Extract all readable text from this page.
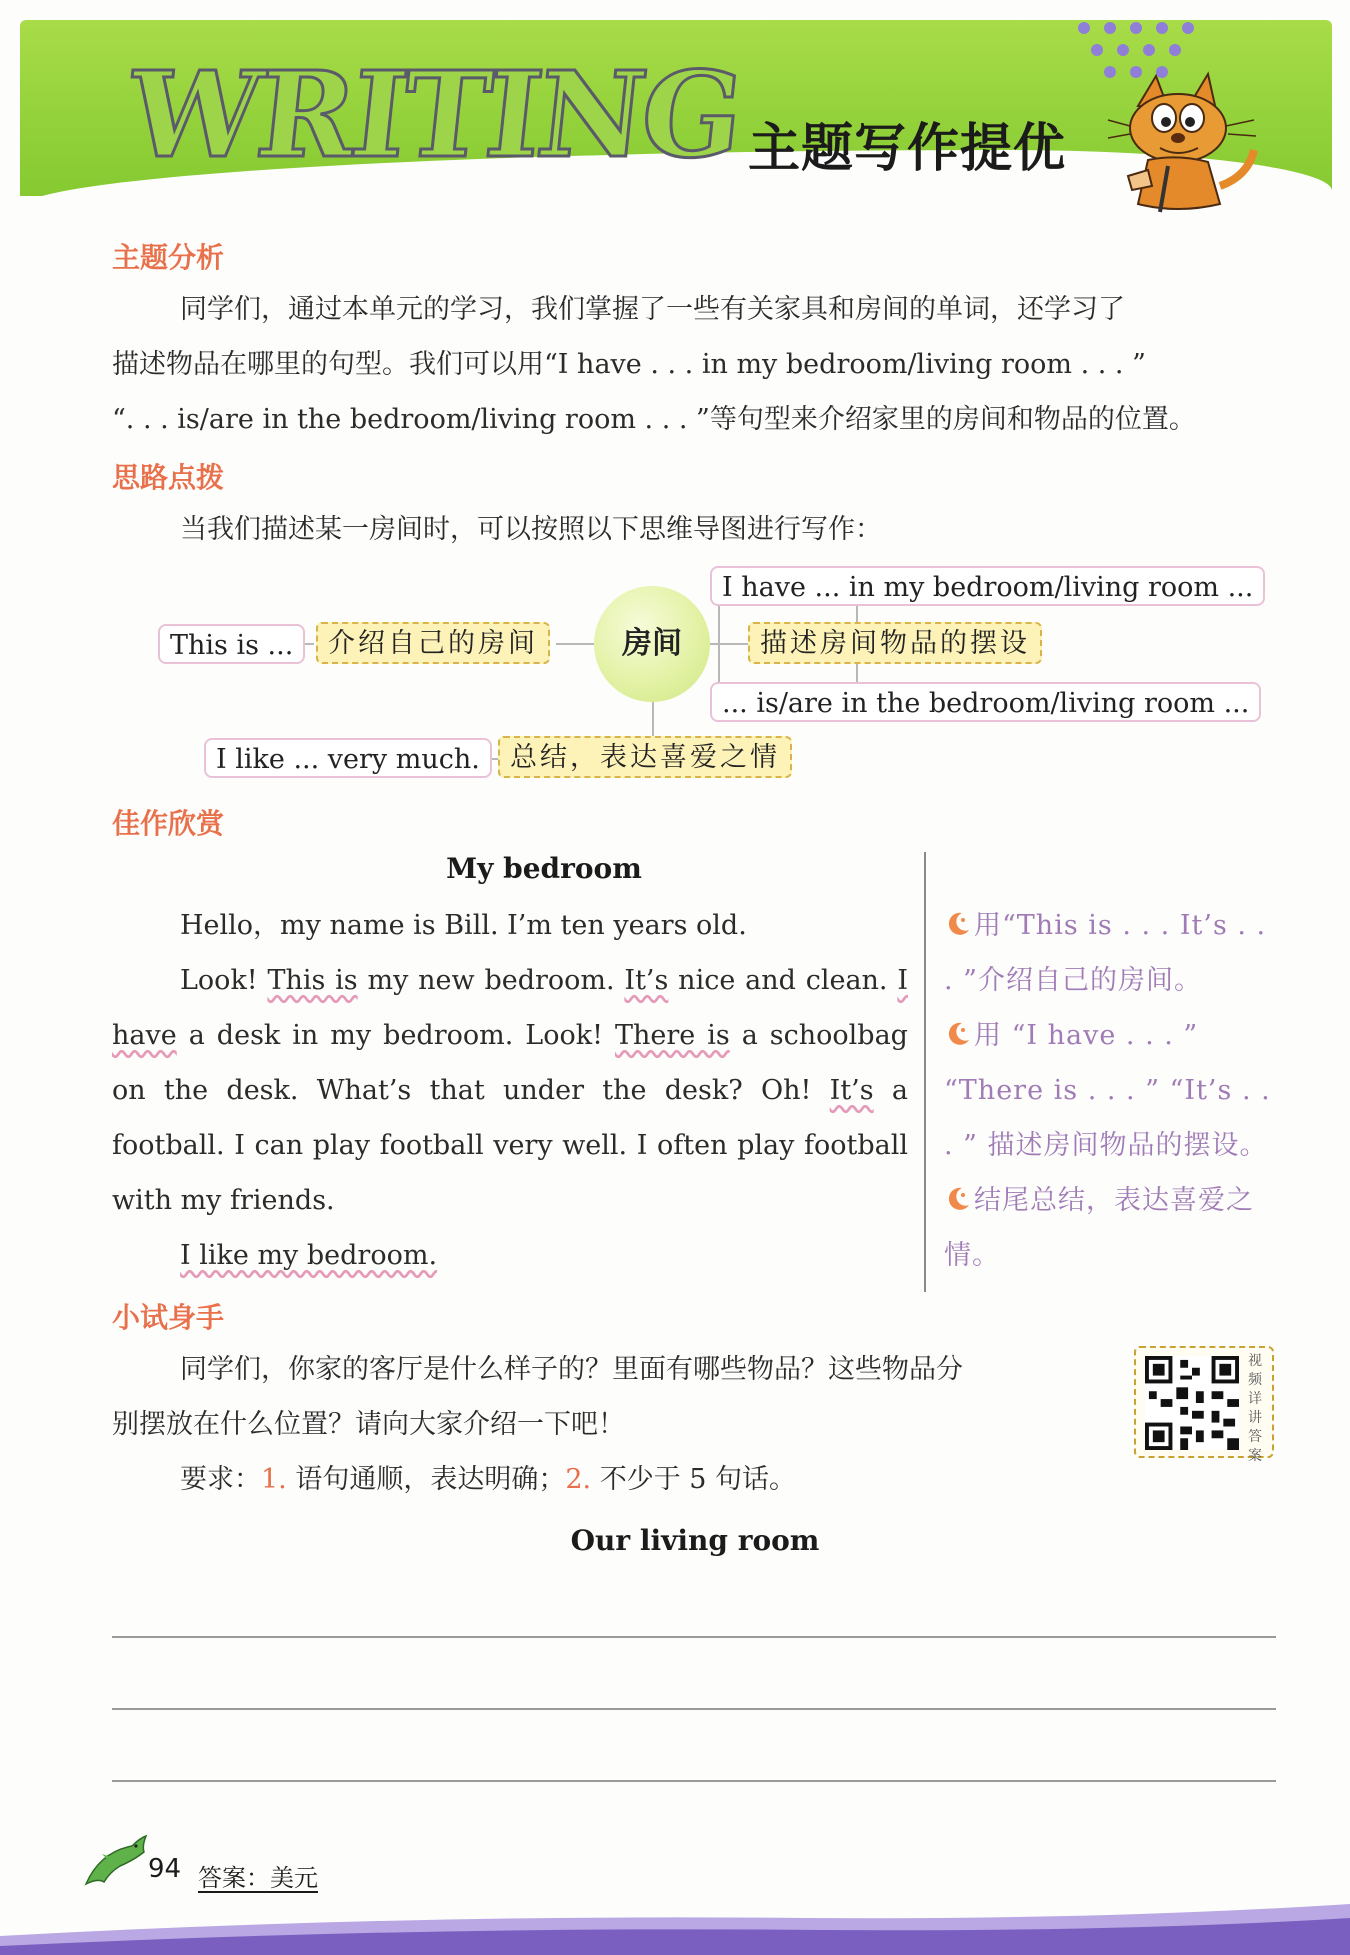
WRITING 主题写作提优
主题分析

同学们，通过本单元的学习，我们掌握了一些有关家具和房间的单词，还学习了

描述物品在哪里的句型。我们可以用“I have . . . in my bedroom/living room . . . ”

“. . . is/are in the bedroom/living room . . . ”等句型来介绍家里的房间和物品的位置。

思路点拨

当我们描述某一房间时，可以按照以下思维导图进行写作：

I have ... in my bedroom/living room ...
This is ...	介绍自己的房间	房间	描述房间物品的摆设
... is/are in the bedroom/living room ...
I like ... very much.	总结，表达喜爱之情
佳作欣赏
My bedroom

Hello，my name is Bill. I’m ten years old.

Look! This is my new bedroom. It’s nice and clean. I have a desk in my bedroom. Look! There is a schoolbag on the desk. What’s that under the desk? Oh! It’s a football. I can play football very well. I often play football with my friends.

I like my bedroom.

用“This is . . . It’s . . . ”介绍自己的房间。

用 “I have . . . ” “There is . . . ” “It’s . . . ” 描述房间物品的摆设。

结尾总结，表达喜爱之情。

小试身手

同学们，你家的客厅是什么样子的？里面有哪些物品？这些物品分

别摆放在什么位置？请向大家介绍一下吧！

要求：1. 语句通顺，表达明确；2. 不少于 5 句话。

视频详讲答案
Our living room
94 答案：美元
